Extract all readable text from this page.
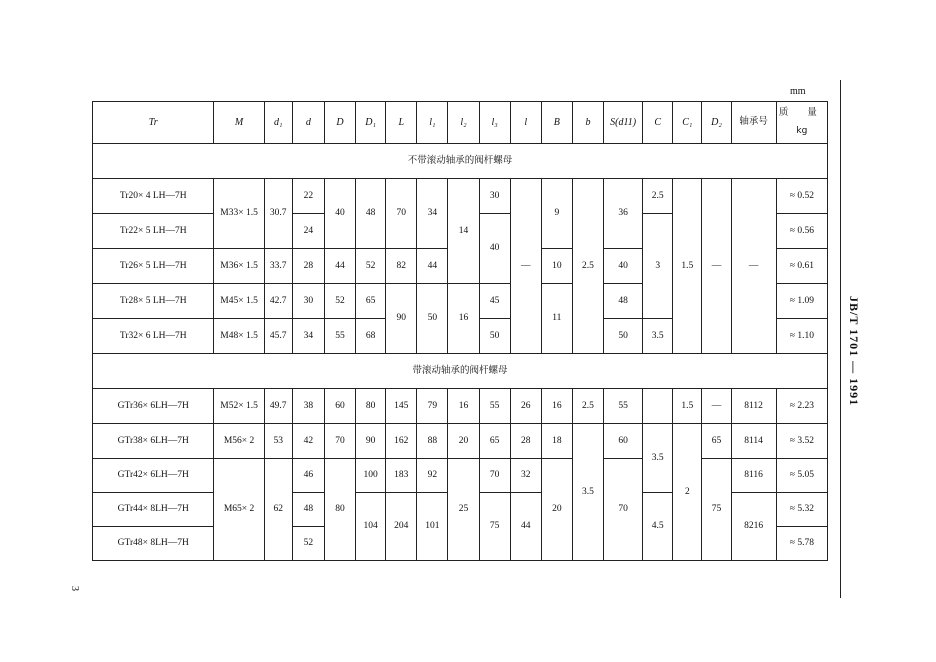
mm
JB/T 1701 — 1991
3
Tr	M	d₁	d	D	D₁	L	l₁	l₂	l₃	l	B	b	S(d11)	C	C₁	D₂	轴承号	质 量
kg

不带滚动轴承的阀杆螺母																		
Tr20× 4 LH—7H	M33× 1.5	30.7	22	40	48	70	34	14	30	—	9	2.5	36	2.5	1.5	—	—	≈ 0.52
Tr22× 5 LH—7H			24						40					3				≈ 0.56
Tr26× 5 LH—7H	M36× 1.5	33.7	28	44	52	82	44				10		40					≈ 0.61
Tr28× 5 LH—7H	M45× 1.5	42.7	30	52	65	90	50	16	45		11		48					≈ 1.09
Tr32× 6 LH—7H	M48× 1.5	45.7	34	55	68				50				50	3.5				≈ 1.10
带滚动轴承的阀杆螺母																		
GTr36× 6LH—7H	M52× 1.5	49.7	38	60	80	145	79	16	55	26	16	2.5	55		1.5	—	8112	≈ 2.23
GTr38× 6LH—7H	M56× 2	53	42	70	90	162	88	20	65	28	18	3.5	60	3.5	2	65	8114	≈ 3.52
GTr42× 6LH—7H	M65× 2	62	46	80	100	183	92	25	70	32	20		70			75	8116	≈ 5.05
GTr44× 8LH—7H			48		104	204	101		75	44				4.5			8216	≈ 5.32
GTr48× 8LH—7H			52															≈ 5.78
